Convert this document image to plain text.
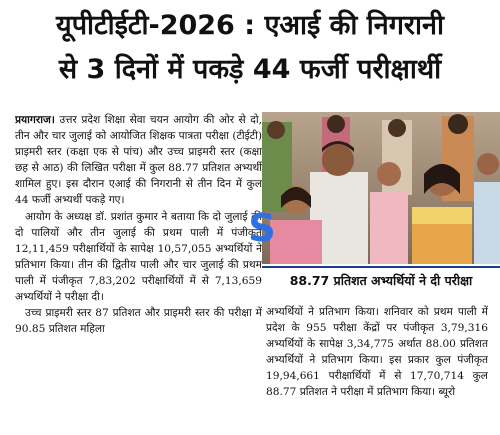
यूपीटीईटी-2026 : एआई की निगरानी
से 3 दिनों में पकड़े 44 फर्जी परीक्षार्थी

प्रयागराज। उत्तर प्रदेश शिक्षा सेवा चयन आयोग की ओर से दो, तीन और चार जुलाई को आयोजित शिक्षक पात्रता परीक्षा (टीईटी) प्राइमरी स्तर (कक्षा एक से पांच) और उच्च प्राइमरी स्तर (कक्षा छह से आठ) की लिखित परीक्षा में कुल 88.77 प्रतिशत अभ्यर्थी शामिल हुए। इस दौरान एआई की निगरानी से तीन दिन में कुल 44 फर्जी अभ्यर्थी पकड़े गए।

आयोग के अध्यक्ष डॉ. प्रशांत कुमार ने बताया कि दो जुलाई की दो पालियों और तीन जुलाई की प्रथम पाली में पंजीकृत 12,11,459 परीक्षार्थियों के सापेक्ष 10,57,055 अभ्यर्थियों ने प्रतिभाग किया। तीन की द्वितीय पाली और चार जुलाई की प्रथम पाली में पंजीकृत 7,83,202 परीक्षार्थियों में से 7,13,659 अभ्यर्थियों ने परीक्षा दी।

उच्च प्राइमरी स्तर 87 प्रतिशत और प्राइमरी स्तर की परीक्षा में 90.85 प्रतिशत महिला

S
88.77 प्रतिशत अभ्यर्थियों ने दी परीक्षा

अभ्यर्थियों ने प्रतिभाग किया। शनिवार को प्रथम पाली में प्रदेश के 955 परीक्षा केंद्रों पर पंजीकृत 3,79,316 अभ्यर्थियों के सापेक्ष 3,34,775 अर्थात 88.00 प्रतिशत अभ्यर्थियों ने प्रतिभाग किया। इस प्रकार कुल पंजीकृत 19,94,661 परीक्षार्थियों में से 17,70,714 कुल 88.77 प्रतिशत ने परीक्षा में प्रतिभाग किया। ब्यूरो
